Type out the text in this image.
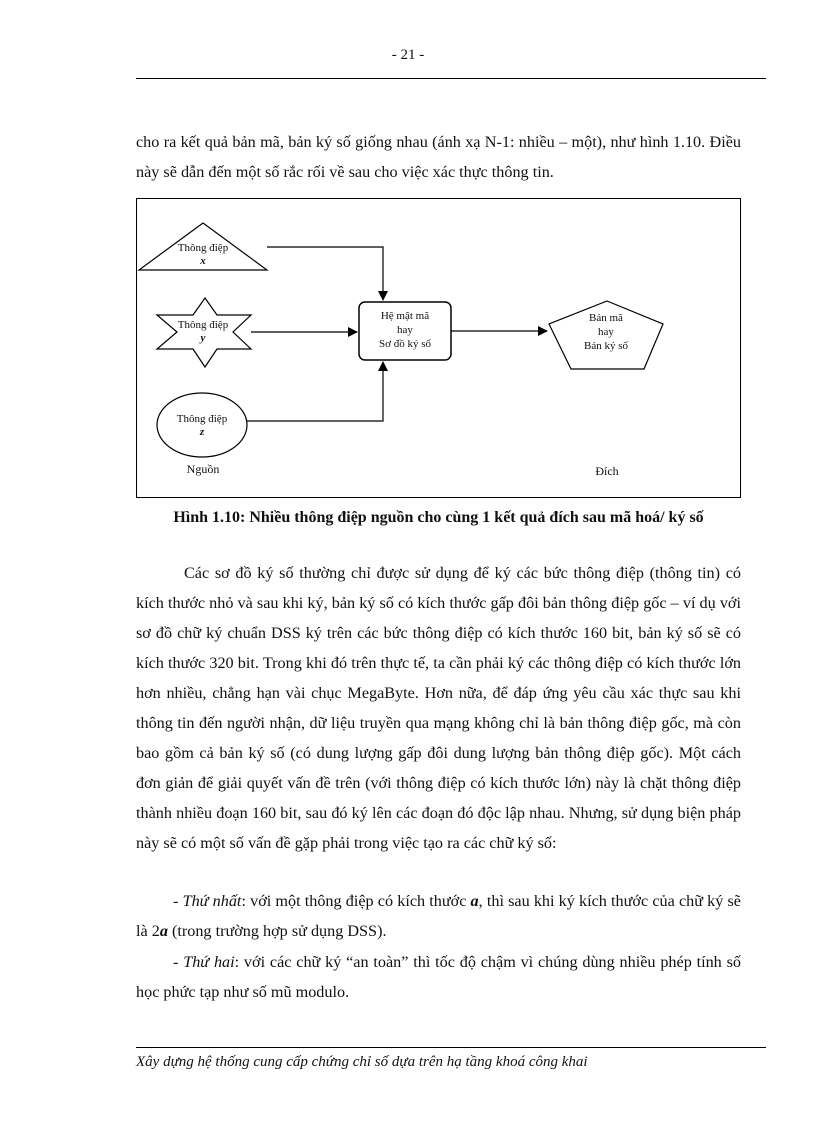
- 21 -

cho ra kết quả bản mã, bản ký số giống nhau (ánh xạ N-1: nhiều – một), như hình 1.10. Điều này sẽ dẫn đến một số rắc rối về sau cho việc xác thực thông tin.

Thông điệp
x
Thông điệp
y
Thông điệp
z
Nguồn
Hệ mật mã
hay
Sơ đồ ký số
Bản mã
hay
Bản ký số
Đích
Hình 1.10: Nhiều thông điệp nguồn cho cùng 1 kết quả đích sau mã hoá/ ký số

Các sơ đồ ký số thường chỉ được sử dụng để ký các bức thông điệp (thông tin) có kích thước nhỏ và sau khi ký, bản ký số có kích thước gấp đôi bản thông điệp gốc – ví dụ với sơ đồ chữ ký chuẩn DSS ký trên các bức thông điệp có kích thước 160 bit, bản ký số sẽ có kích thước 320 bit. Trong khi đó trên thực tế, ta cần phải ký các thông điệp có kích thước lớn hơn nhiều, chẳng hạn vài chục MegaByte. Hơn nữa, để đáp ứng yêu cầu xác thực sau khi thông tin đến người nhận, dữ liệu truyền qua mạng không chỉ là bản thông điệp gốc, mà còn bao gồm cả bản ký số (có dung lượng gấp đôi dung lượng bản thông điệp gốc). Một cách đơn giản để giải quyết vấn đề trên (với thông điệp có kích thước lớn) này là chặt thông điệp thành nhiều đoạn 160 bit, sau đó ký lên các đoạn đó độc lập nhau. Nhưng, sử dụng biện pháp này sẽ có một số vấn đề gặp phải trong việc tạo ra các chữ ký số:

- Thứ nhất: với một thông điệp có kích thước a, thì sau khi ký kích thước của chữ ký sẽ là 2a (trong trường hợp sử dụng DSS).

- Thứ hai: với các chữ ký “an toàn” thì tốc độ chậm vì chúng dùng nhiều phép tính số học phức tạp như số mũ modulo.

Xây dựng hệ thống cung cấp chứng chỉ số dựa trên hạ tầng khoá công khai
